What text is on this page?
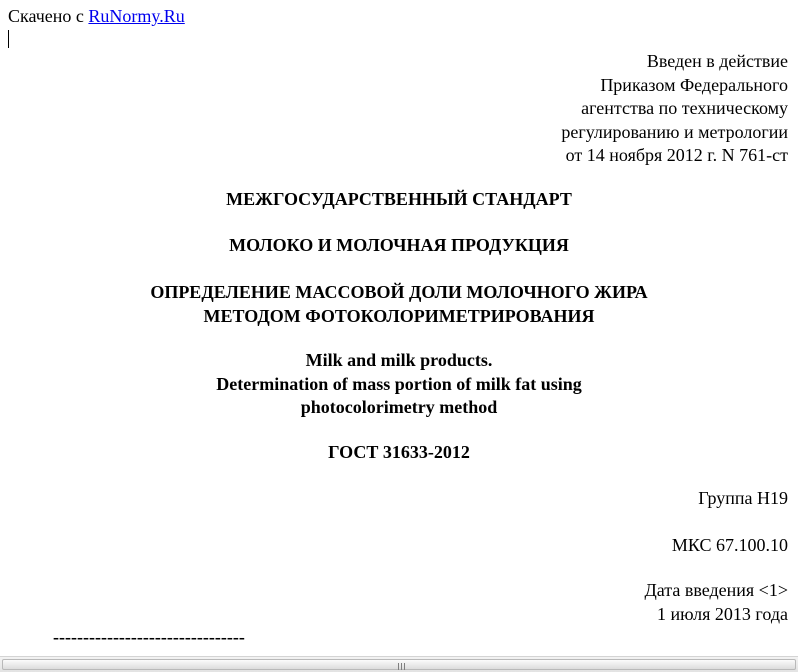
Скачено с RuNormy.Ru
Введен в действие
Приказом Федерального
агентства по техническому
регулированию и метрологии
от 14 ноября 2012 г. N 761-ст
МЕЖГОСУДАРСТВЕННЫЙ СТАНДАРТ
МОЛОКО И МОЛОЧНАЯ ПРОДУКЦИЯ
ОПРЕДЕЛЕНИЕ МАССОВОЙ ДОЛИ МОЛОЧНОГО ЖИРА
МЕТОДОМ ФОТОКОЛОРИМЕТРИРОВАНИЯ
Milk and milk products.
Determination of mass portion of milk fat using
photocolorimetry method
ГОСТ 31633-2012
Группа Н19
МКС 67.100.10
Дата введения <1>
1 июля 2013 года
--------------------------------
